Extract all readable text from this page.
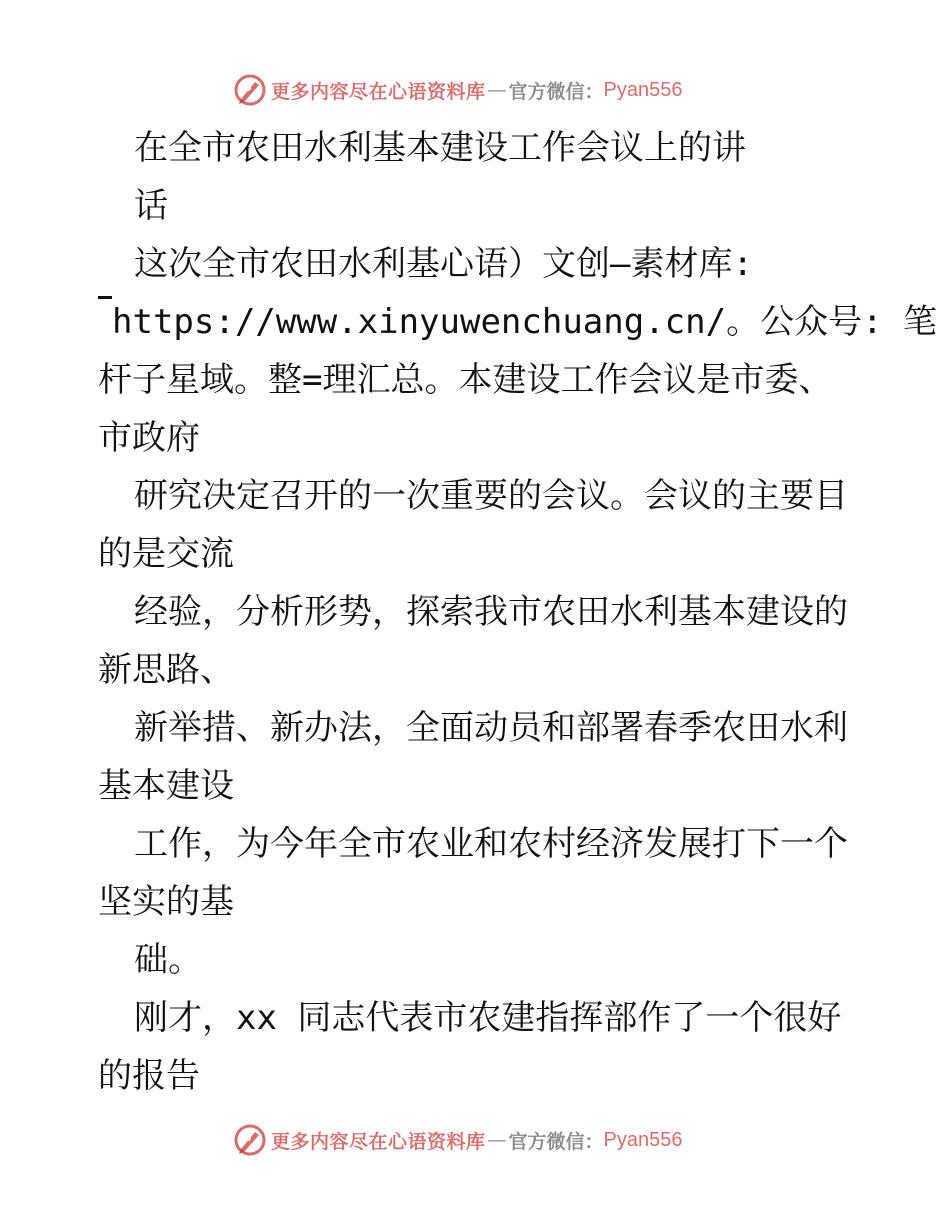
更多内容尽在心语资料库 — 官方微信： Pyan556
在全市农田水利基本建设工作会议上的讲
话
这次全市农田水利基心语）文创—素材库:
https://www.xinyuwenchuang.cn/。公众号: 笔
杆子星域。整=理汇总。本建设工作会议是市委、
市政府
研究决定召开的一次重要的会议。会议的主要目
的是交流
经验，分析形势，探索我市农田水利基本建设的
新思路、
新举措、新办法，全面动员和部署春季农田水利
基本建设
工作，为今年全市农业和农村经济发展打下一个
坚实的基
础。
刚才，xx 同志代表市农建指挥部作了一个很好
的报告
更多内容尽在心语资料库 — 官方微信： Pyan556
